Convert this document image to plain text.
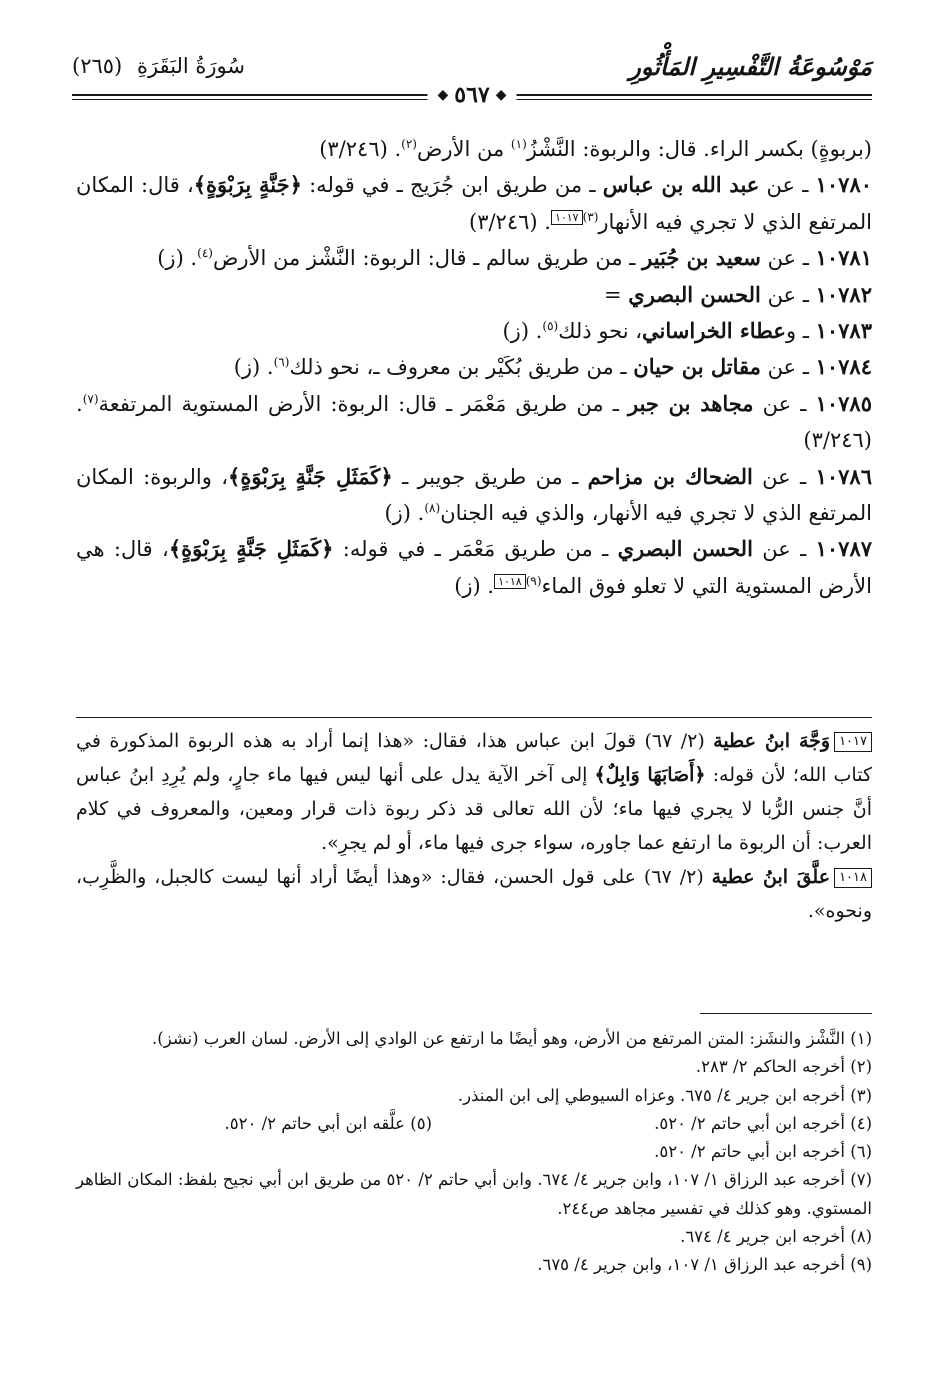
مَوْسُوعَةُ التَّفْسِيرِ المَأْثُورِ
سُورَةُ البَقَرَةِ (٢٦٥)
◆ ٥٦٧ ◆

(بربوةٍ) بكسر الراء. قال: والربوة: النَّشْزُ$^{(١)}$ من الأرض$^{(٢)}$. (٣/٢٤٦)

١٠٧٨٠ ـ عن عبد الله بن عباس ـ من طريق ابن جُرَيج ـ في قوله: ﴿جَنَّةٍ بِرَبْوَةٍ﴾، قال: المكان المرتفع الذي لا تجري فيه الأنهار$^{(٣)}$١٠١٧. (٣/٢٤٦)

١٠٧٨١ ـ عن سعيد بن جُبَير ـ من طريق سالم ـ قال: الربوة: النَّشْز من الأرض$^{(٤)}$. (ز)

١٠٧٨٢ ـ عن الحسن البصري =

١٠٧٨٣ ـ وعطاء الخراساني، نحو ذلك$^{(٥)}$. (ز)

١٠٧٨٤ ـ عن مقاتل بن حيان ـ من طريق بُكَيْر بن معروف ـ، نحو ذلك$^{(٦)}$. (ز)

١٠٧٨٥ ـ عن مجاهد بن جبر ـ من طريق مَعْمَر ـ قال: الربوة: الأرض المستوية المرتفعة$^{(٧)}$. (٣/٢٤٦)

١٠٧٨٦ ـ عن الضحاك بن مزاحم ـ من طريق جويبر ـ ﴿كَمَثَلِ جَنَّةٍ بِرَبْوَةٍ﴾، والربوة: المكان المرتفع الذي لا تجري فيه الأنهار، والذي فيه الجنان$^{(٨)}$. (ز)

١٠٧٨٧ ـ عن الحسن البصري ـ من طريق مَعْمَر ـ في قوله: ﴿كَمَثَلِ جَنَّةٍ بِرَبْوَةٍ﴾، قال: هي الأرض المستوية التي لا تعلو فوق الماء$^{(٩)}$١٠١٨. (ز)

١٠١٧وَجَّهَ ابنُ عطية (٢/ ٦٧) قولَ ابن عباس هذا، فقال: «هذا إنما أراد به هذه الربوة المذكورة في كتاب الله؛ لأن قوله: ﴿أَصَابَهَا وَابِلٌ﴾ إلى آخر الآية يدل على أنها ليس فيها ماء جارٍ، ولم يُرِدِ ابنُ عباس أنَّ جنس الرُّبا لا يجري فيها ماء؛ لأن الله تعالى قد ذكر ربوة ذات قرار ومعين، والمعروف في كلام العرب: أن الربوة ما ارتفع عما جاوره، سواء جرى فيها ماء، أو لم يجرِ».

١٠١٨علَّقَ ابنُ عطية (٢/ ٦٧) على قول الحسن، فقال: «وهذا أيضًا أراد أنها ليست كالجبل، والظَّرِب، ونحوه».

(١) النَّشْز والنشَز: المتن المرتفع من الأرض، وهو أيضًا ما ارتفع عن الوادي إلى الأرض. لسان العرب (نشز).

(٢) أخرجه الحاكم ٢/ ٢٨٣.

(٣) أخرجه ابن جرير ٤/ ٦٧٥. وعزاه السيوطي إلى ابن المنذر.

(٤) أخرجه ابن أبي حاتم ٢/ ٥٢٠.

(٥) علَّقه ابن أبي حاتم ٢/ ٥٢٠.

(٦) أخرجه ابن أبي حاتم ٢/ ٥٢٠.

(٧) أخرجه عبد الرزاق ١/ ١٠٧، وابن جرير ٤/ ٦٧٤. وابن أبي حاتم ٢/ ٥٢٠ من طريق ابن أبي نجيح بلفظ: المكان الظاهر المستوي. وهو كذلك في تفسير مجاهد ص٢٤٤.

(٨) أخرجه ابن جرير ٤/ ٦٧٤.

(٩) أخرجه عبد الرزاق ١/ ١٠٧، وابن جرير ٤/ ٦٧٥.
